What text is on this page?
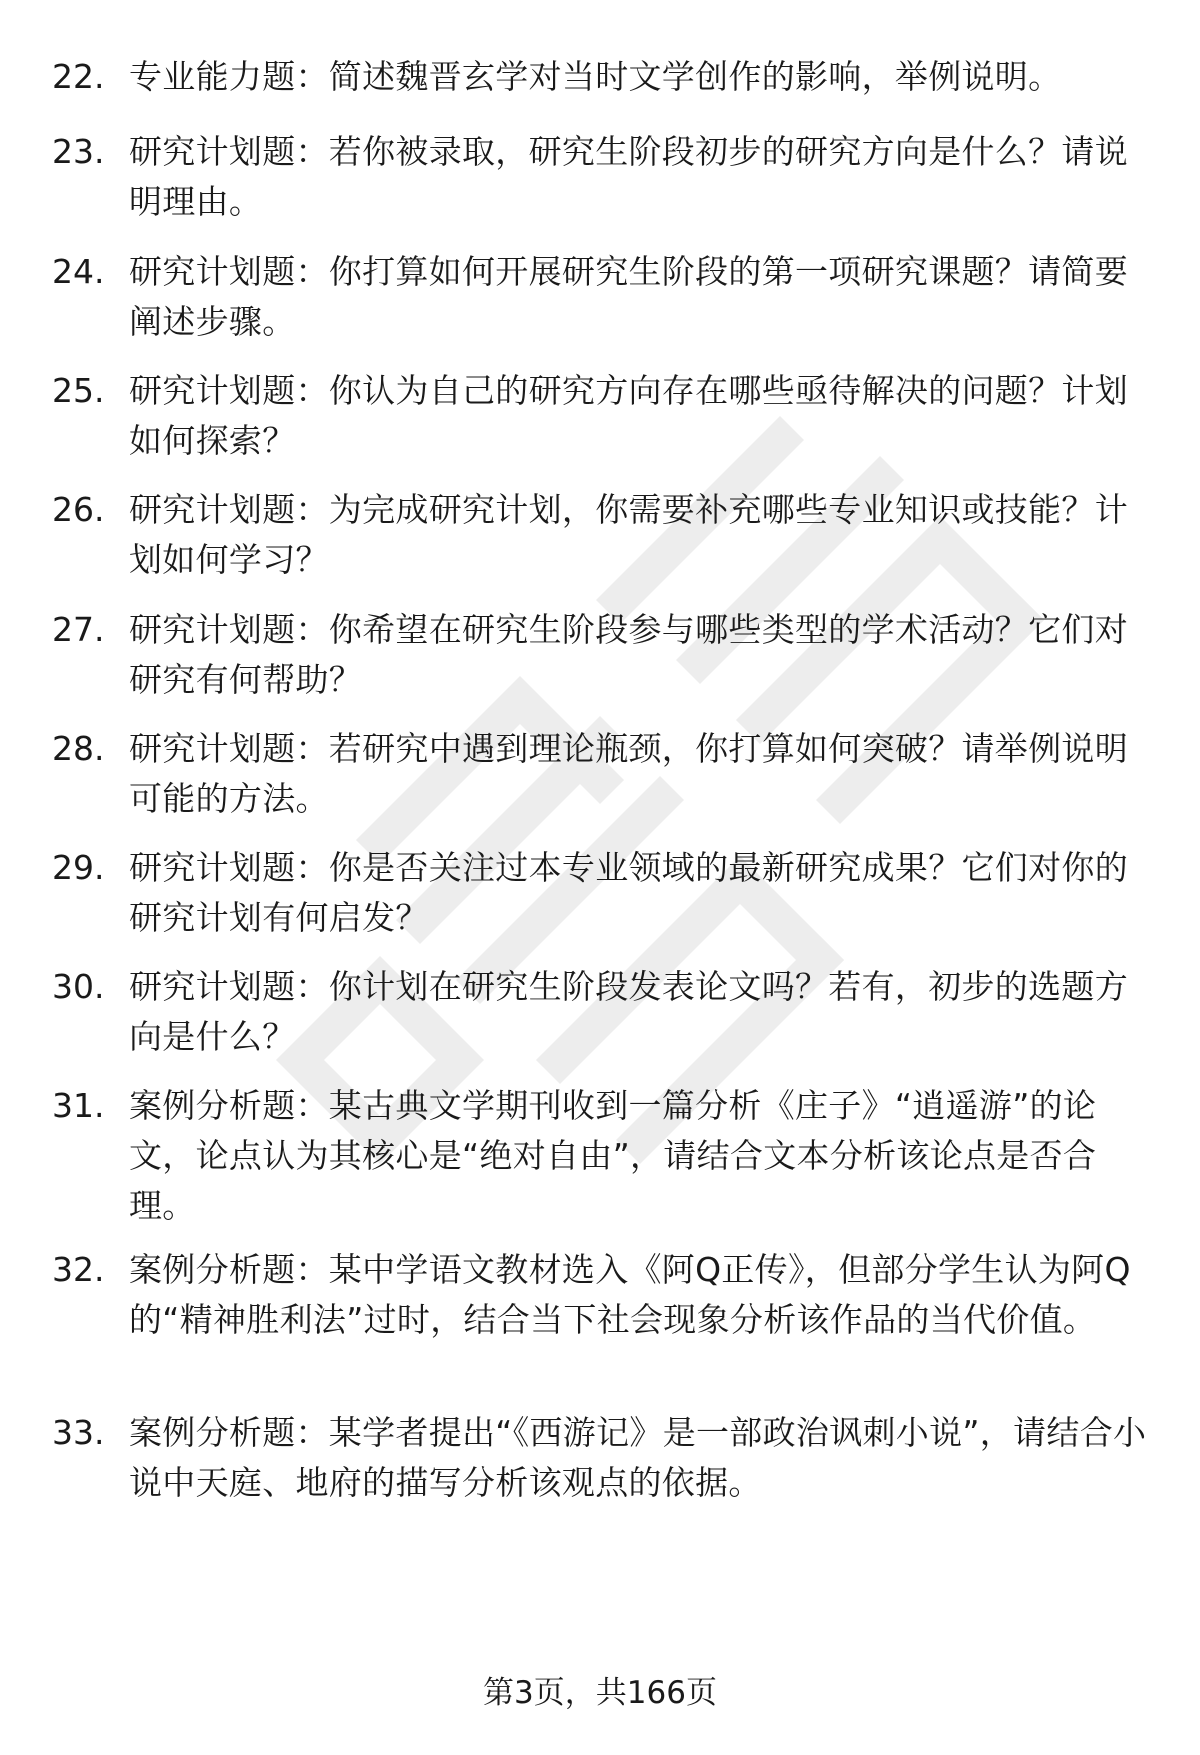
22. 专业能力题：简述魏晋玄学对当时文学创作的影响，举例说明。
23. 研究计划题：若你被录取，研究生阶段初步的研究方向是什么？请说明理由。
24. 研究计划题：你打算如何开展研究生阶段的第一项研究课题？请简要阐述步骤。
25. 研究计划题：你认为自己的研究方向存在哪些亟待解决的问题？计划如何探索？
26. 研究计划题：为完成研究计划，你需要补充哪些专业知识或技能？计划如何学习？
27. 研究计划题：你希望在研究生阶段参与哪些类型的学术活动？它们对研究有何帮助？
28. 研究计划题：若研究中遇到理论瓶颈，你打算如何突破？请举例说明可能的方法。
29. 研究计划题：你是否关注过本专业领域的最新研究成果？它们对你的研究计划有何启发？
30. 研究计划题：你计划在研究生阶段发表论文吗？若有，初步的选题方向是什么？
31. 案例分析题：某古典文学期刊收到一篇分析《庄子》“逍遥游”的论文，论点认为其核心是“绝对自由”，请结合文本分析该论点是否合理。
32. 案例分析题：某中学语文教材选入《阿Q正传》，但部分学生认为阿Q的“精神胜利法”过时，结合当下社会现象分析该作品的当代价值。
33. 案例分析题：某学者提出“《西游记》是一部政治讽刺小说”，请结合小说中天庭、地府的描写分析该观点的依据。
第3页，共166页
